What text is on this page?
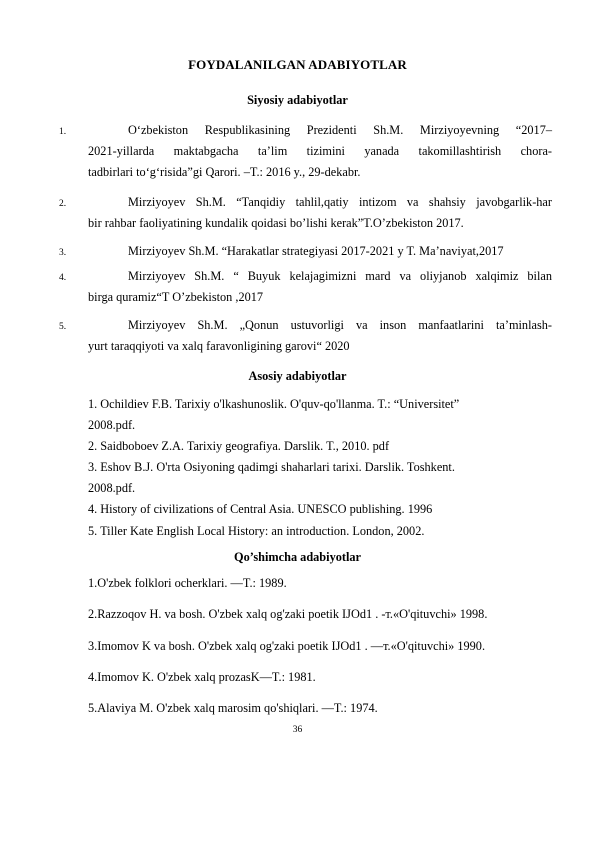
FOYDALANILGAN ADABIYOTLAR
Siyosiy adabiyotlar
1.	O‘zbekiston Respublikasining Prezidenti Sh.M. Mirziyoyevning “2017–
2021-yillarda maktabgacha ta’lim tizimini yanada takomillashtirish chora-
tadbirlari to‘g‘risida”gi Qarori. –T.: 2016 y., 29-dekabr.
2.	Mirziyoyev Sh.M. “Tanqidiy tahlil,qatiy intizom va shahsiy javobgarlik-har
bir rahbar faoliyatining kundalik qoidasi bo’lishi kerak”T.O’zbekiston 2017.
3.	Mirziyoyev Sh.M. “Harakatlar strategiyasi 2017-2021 y T. Ma’naviyat,2017
4.	Mirziyoyev Sh.M. “ Buyuk kelajagimizni mard va oliyjanob xalqimiz bilan
birga quramiz“T O’zbekiston ,2017
5.	Mirziyoyev Sh.M. „Qonun ustuvorligi va inson manfaatlarini ta’minlash-
yurt taraqqiyoti va xalq faravonligining garovi“ 2020
Asosiy adabiyotlar
1. Ochildiev F.B. Tarixiy o'lkashunoslik. O'quv-qo'llanma. T.: “Universitet”
2008.pdf.
2. Saidboboev Z.A. Tarixiy geografiya. Darslik. T., 2010. pdf
3. Eshov B.J. O'rta Osiyoning qadimgi shaharlari tarixi. Darslik. Toshkent.
2008.pdf.
4. History of civilizations of Central Asia. UNESCO publishing. 1996
5. Tiller Kate English Local History: an introduction. London, 2002.
Qo’shimcha adabiyotlar
1.O'zbek folklori ocherklari. —T.: 1989.
2.Razzoqov H. va bosh. O'zbek xalq og'zaki poetik IJOd1 . -т.«O'qituvchi» 1998.
3.Imomov K va bosh. O'zbek xalq og'zaki poetik IJOd1 . —т.«O'qituvchi» 1990.
4.Imomov K. O'zbek xalq prozasK—T.: 1981.
5.Alaviya M. O'zbek xalq marosim qo'shiqlari. —T.: 1974.
36
